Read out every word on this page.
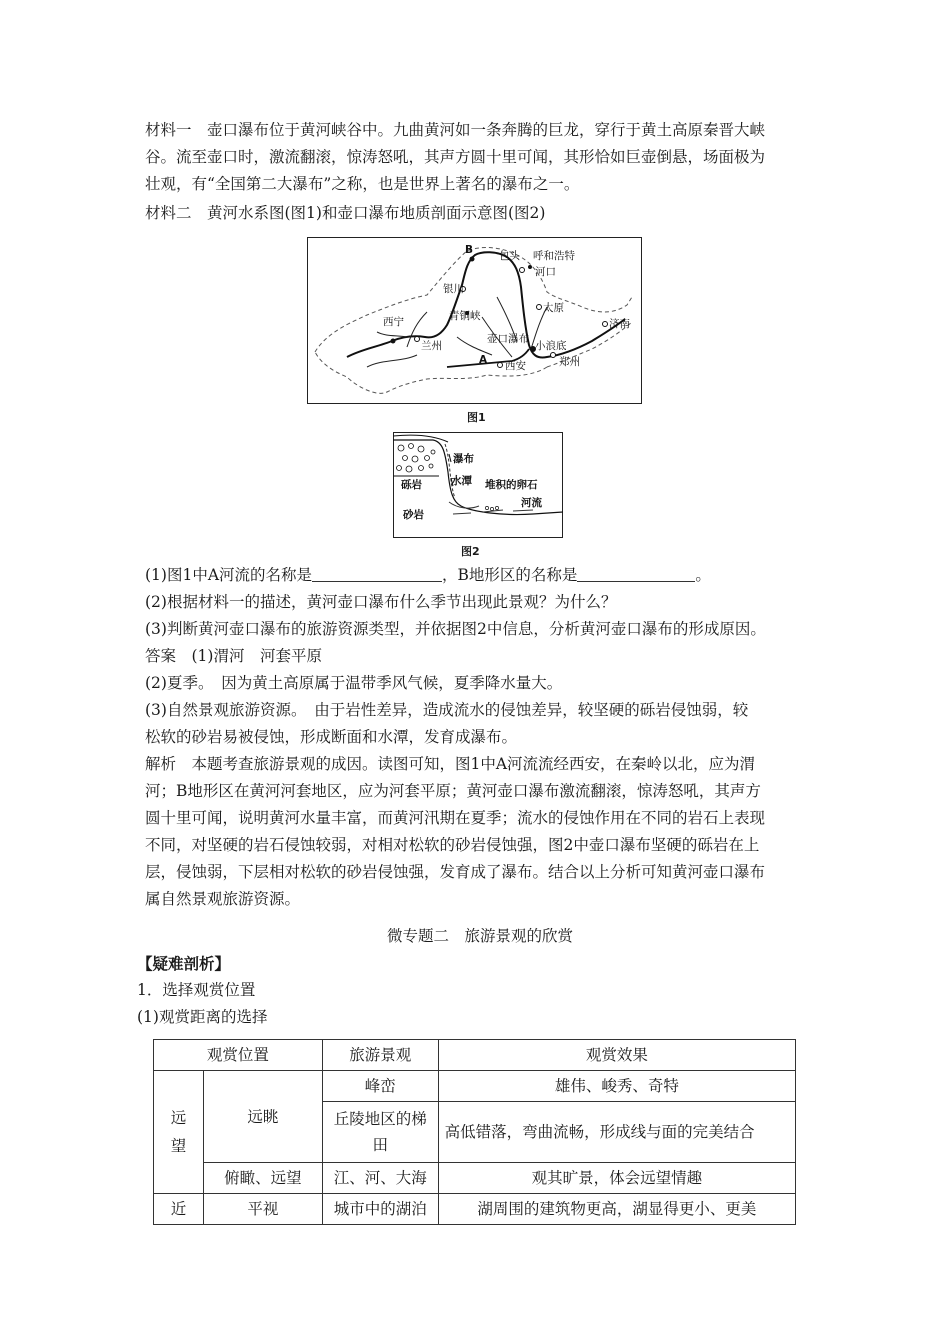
材料一　壶口瀑布位于黄河峡谷中。九曲黄河如一条奔腾的巨龙，穿行于黄土高原秦晋大峡
谷。流至壶口时，激流翻滚，惊涛怒吼，其声方圆十里可闻，其形恰如巨壶倒悬，场面极为
壮观，有“全国第二大瀑布”之称，也是世界上著名的瀑布之一。
材料二　黄河水系图(图1)和壶口瀑布地质剖面示意图(图2)
B 包头 呼和浩特
河口
银川
太原
济南
西宁	青铜峡
兰州
壶口瀑布
小浪底
A 西安	郑州
图1
瀑布
砾岩	水潭 堆积的卵石
砂岩
河流
图2
(1)图1中A河流的名称是	，B地形区的名称是	。
(2)根据材料一的描述，黄河壶口瀑布什么季节出现此景观？为什么？
(3)判断黄河壶口瀑布的旅游资源类型，并依据图2中信息，分析黄河壶口瀑布的形成原因。
答案　(1)渭河　河套平原
(2)夏季。　因为黄土高原属于温带季风气候，夏季降水量大。
(3)自然景观旅游资源。　由于岩性差异，造成流水的侵蚀差异，较坚硬的砾岩侵蚀弱，较
松软的砂岩易被侵蚀，形成断面和水潭，发育成瀑布。
解析　本题考查旅游景观的成因。读图可知，图1中A河流流经西安，在秦岭以北，应为渭
河；B地形区在黄河河套地区，应为河套平原；黄河壶口瀑布激流翻滚，惊涛怒吼，其声方
圆十里可闻，说明黄河水量丰富，而黄河汛期在夏季；流水的侵蚀作用在不同的岩石上表现
不同，对坚硬的岩石侵蚀较弱，对相对松软的砂岩侵蚀强，图2中壶口瀑布坚硬的砾岩在上
层，侵蚀弱，下层相对松软的砂岩侵蚀强，发育成了瀑布。结合以上分析可知黄河壶口瀑布
属自然景观旅游资源。
微专题二　旅游景观的欣赏
【疑难剖析】
1．选择观赏位置
(1)观赏距离的选择
观赏位置		旅游景观	观赏效果
远望	远眺	峰峦	雄伟、峻秀、奇特
		丘陵地区的梯田	高低错落，弯曲流畅，形成线与面的完美结合
	俯瞰、远望	江、河、大海	观其旷景，体会远望情趣
近	平视	城市中的湖泊	湖周围的建筑物更高，湖显得更小、更美
